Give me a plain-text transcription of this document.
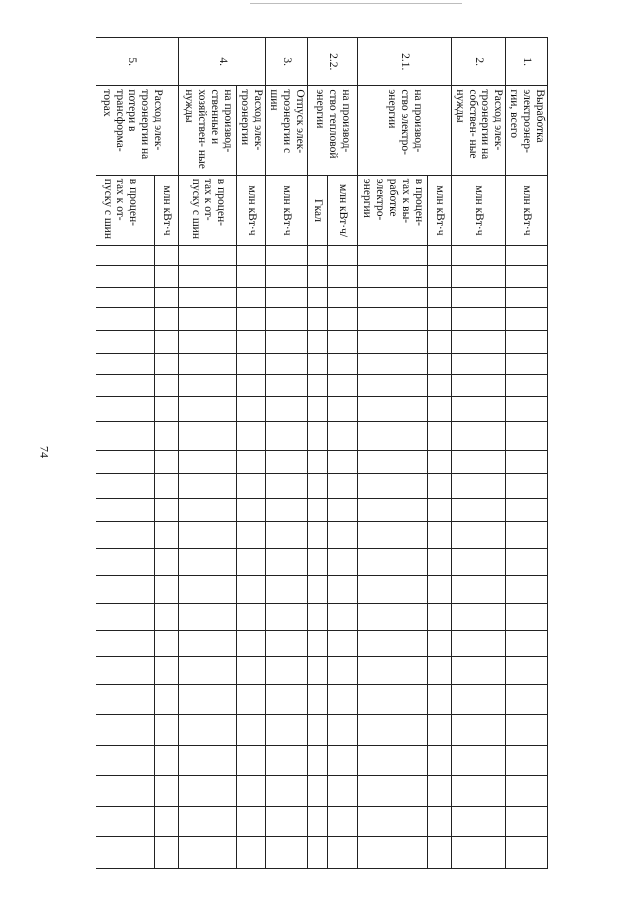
74
1.	Выработка электроэнер- гии, всего	млн кВт·ч																								
2.	Расход элек- троэнергии на собствен- ные нужды	млн кВт·ч																								
2.1.	на производ- ство электро- энергии	млн кВт·ч																								
		в процен- тах к вы- работке электро- энергии																								
2.2.	на производ- ство тепловой энергии	млн кВт·ч/																								
		Гкал																								
3.	Отпуск элек- троэнергии с шин	млн кВт·ч																								
4.	Расход элек- троэнергии	млн кВт·ч																								
	на производ- ственные и хозяйствен- ные нужды	в процен- тах к от- пуску с шин																								
5.	Расход элек- троэнергии на потери в трансформа- торах	млн кВт·ч																								
		в процен- тах к от- пуску с шин																								
